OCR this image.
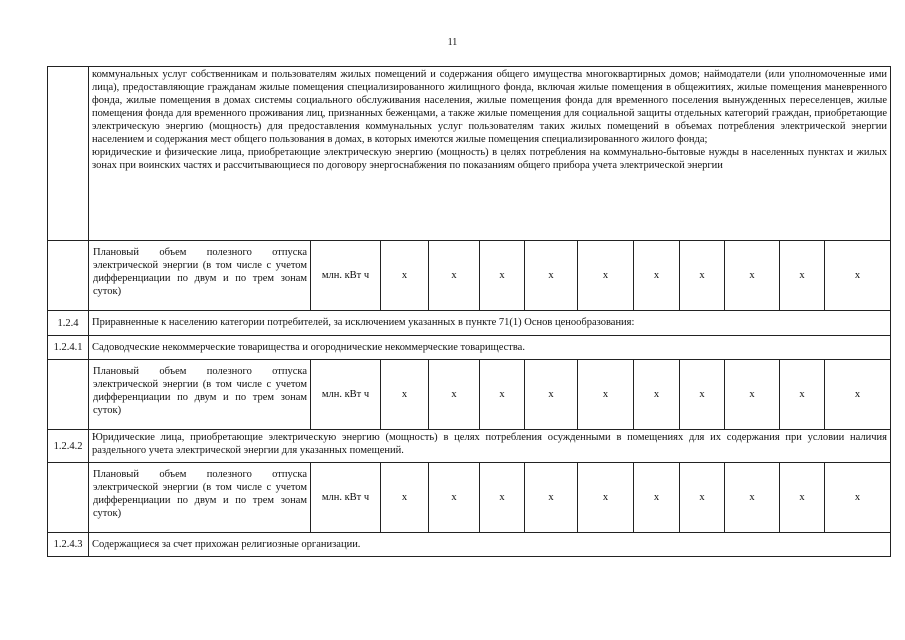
11

	коммунальных услуг собственникам и пользователям жилых помещений и содержания общего имущества многоквартирных домов; наймодатели (или уполномоченные ими лица), предоставляющие гражданам жилые помещения специализированного жилищного фонда, включая жилые помещения в общежитиях, жилые помещения маневренного фонда, жилые помещения в домах системы социального обслуживания населения, жилые помещения фонда для временного поселения вынужденных переселенцев, жилые помещения фонда для временного проживания лиц, признанных беженцами, а также жилые помещения для социальной защиты отдельных категорий граждан, приобретающие электрическую энергию (мощность) для предоставления коммунальных услуг пользователям таких жилых помещений в объемах потребления электрической энергии населением и содержания мест общего пользования в домах, в которых имеются жилые помещения специализированного жилого фонда;
юридические и физические лица, приобретающие электрическую энергию (мощность) в целях потребления на коммунально-бытовые нужды в населенных пунктах и жилых зонах при воинских частях и рассчитывающиеся по договору энергоснабжения по показаниям общего прибора учета электрической энергии											

	Плановый объем полезного отпуска электрической энергии (в том числе с учетом дифференциации по двум и по трем зонам суток)	млн. кВт ч	x	x	x	x	x	x	x	x	x	x
1.2.4	Приравненные к населению категории потребителей, за исключением указанных в пункте 71(1) Основ ценообразования:											
1.2.4.1	Садоводческие некоммерческие товарищества и огороднические некоммерческие товарищества.											
	Плановый объем полезного отпуска электрической энергии (в том числе с учетом дифференциации по двум и по трем зонам суток)	млн. кВт ч	x	x	x	x	x	x	x	x	x	x
1.2.4.2	Юридические лица, приобретающие электрическую энергию (мощность) в целях потребления осужденными в помещениях для их содержания при условии наличия раздельного учета электрической энергии для указанных помещений.											
	Плановый объем полезного отпуска электрической энергии (в том числе с учетом дифференциации по двум и по трем зонам суток)	млн. кВт ч	x	x	x	x	x	x	x	x	x	x
1.2.4.3	Содержащиеся за счет прихожан религиозные организации.											
